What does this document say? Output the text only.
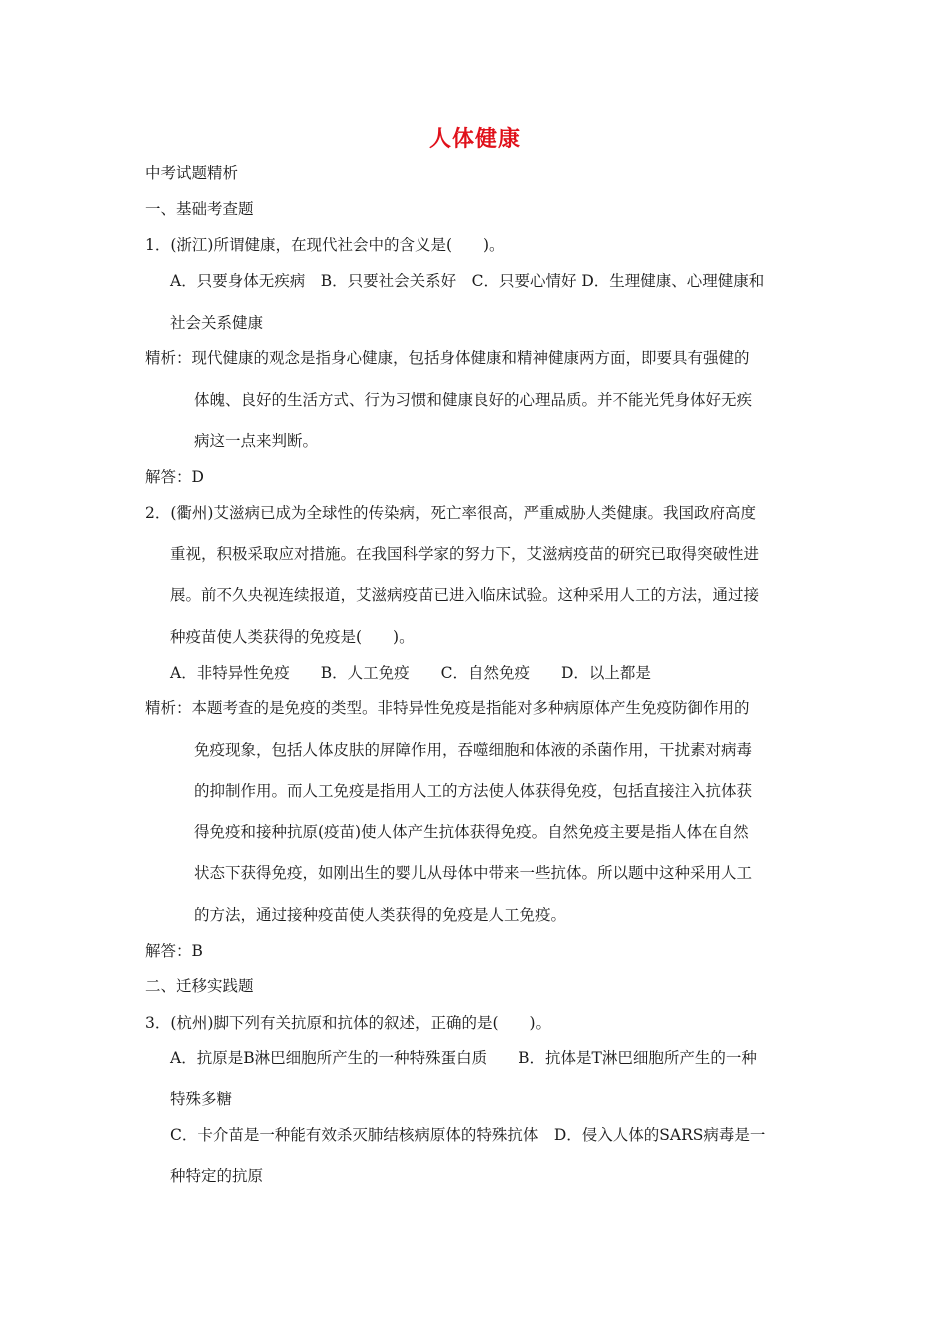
人体健康
中考试题精析
一、基础考查题
1．(浙江)所谓健康，在现代社会中的含义是(　　)。
A．只要身体无疾病　B．只要社会关系好　C．只要心情好 D．生理健康、心理健康和
社会关系健康
精析：现代健康的观念是指身心健康，包括身体健康和精神健康两方面，即要具有强健的
体魄、良好的生活方式、行为习惯和健康良好的心理品质。并不能光凭身体好无疾
病这一点来判断。
解答：D
2．(衢州)艾滋病已成为全球性的传染病，死亡率很高，严重威胁人类健康。我国政府高度
重视，积极采取应对措施。在我国科学家的努力下，艾滋病疫苗的研究已取得突破性进
展。前不久央视连续报道，艾滋病疫苗已进入临床试验。这种采用人工的方法，通过接
种疫苗使人类获得的免疫是(　　)。
A．非特异性免疫　　B．人工免疫　　C．自然免疫　　D．以上都是
精析：本题考查的是免疫的类型。非特异性免疫是指能对多种病原体产生免疫防御作用的
免疫现象，包括人体皮肤的屏障作用，吞噬细胞和体液的杀菌作用，干扰素对病毒
的抑制作用。而人工免疫是指用人工的方法使人体获得免疫，包括直接注入抗体获
得免疫和接种抗原(疫苗)使人体产生抗体获得免疫。自然免疫主要是指人体在自然
状态下获得免疫，如刚出生的婴儿从母体中带来一些抗体。所以题中这种采用人工
的方法，通过接种疫苗使人类获得的免疫是人工免疫。
解答：B
二、迁移实践题
3．(杭州)脚下列有关抗原和抗体的叙述，正确的是(　　)。
A．抗原是B淋巴细胞所产生的一种特殊蛋白质　　B．抗体是T淋巴细胞所产生的一种
特殊多糖
C．卡介苗是一种能有效杀灭肺结核病原体的特殊抗体　D．侵入人体的SARS病毒是一
种特定的抗原
